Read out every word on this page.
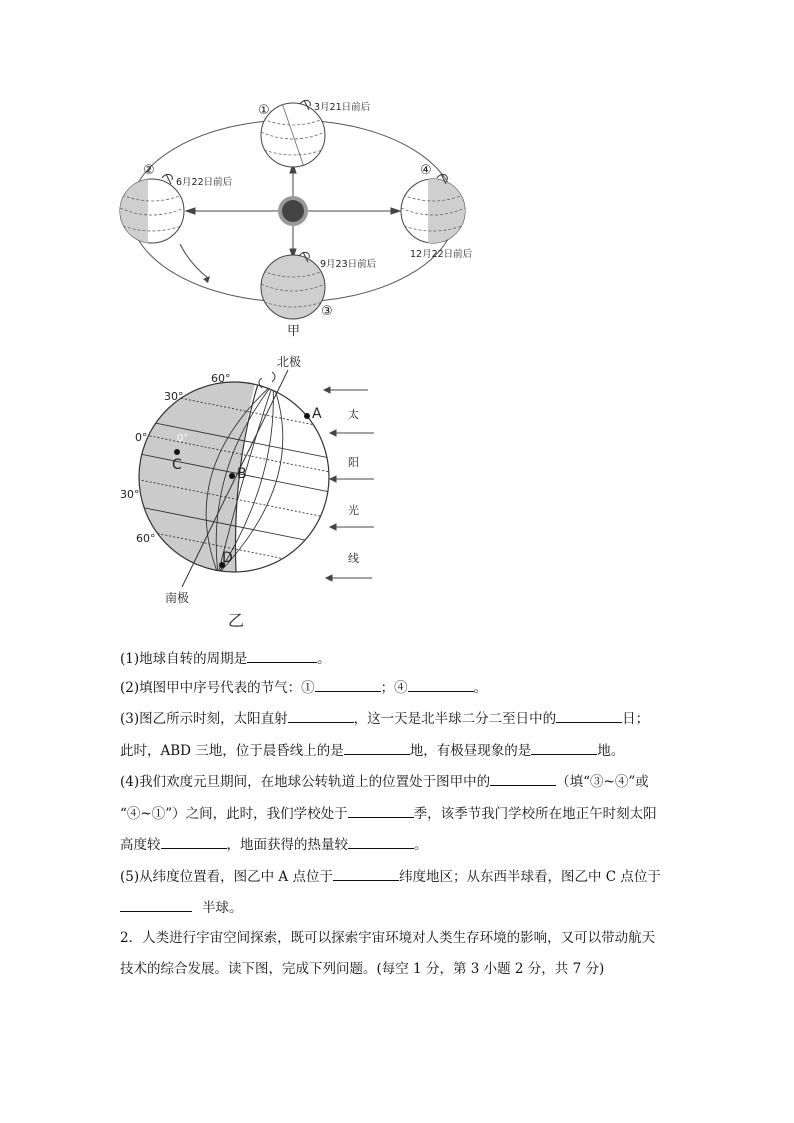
①	3月21日前后
②
6月22日前后
③
9月23日前后
④
12月22日前后
甲
A
B
C
D
北极
南极
60°
30°
0°	0°
30°
60°
太
阳
光
线
乙
(1)地球自转的周期是	。
(2)填图甲中序号代表的节气：①	；④	。
(3)图乙所示时刻，太阳直射	，这一天是北半球二分二至日中的	日；
此时，ABD 三地，位于晨昏线上的是	地，有极昼现象的是	地。
(4)我们欢度元旦期间，在地球公转轨道上的位置处于图甲中的	（填“③~④”或
“④~①”）之间，此时，我们学校处于	季，该季节我门学校所在地正午时刻太阳
高度较	，地面获得的热量较	。
(5)从纬度位置看，图乙中 A 点位于	纬度地区；从东西半球看，图乙中 C 点位于
半球。
2．人类进行宇宙空间探索，既可以探索宇宙环境对人类生存环境的影响，又可以带动航天
技术的综合发展。读下图，完成下列问题。(每空 1 分，第 3 小题 2 分，共 7 分)
